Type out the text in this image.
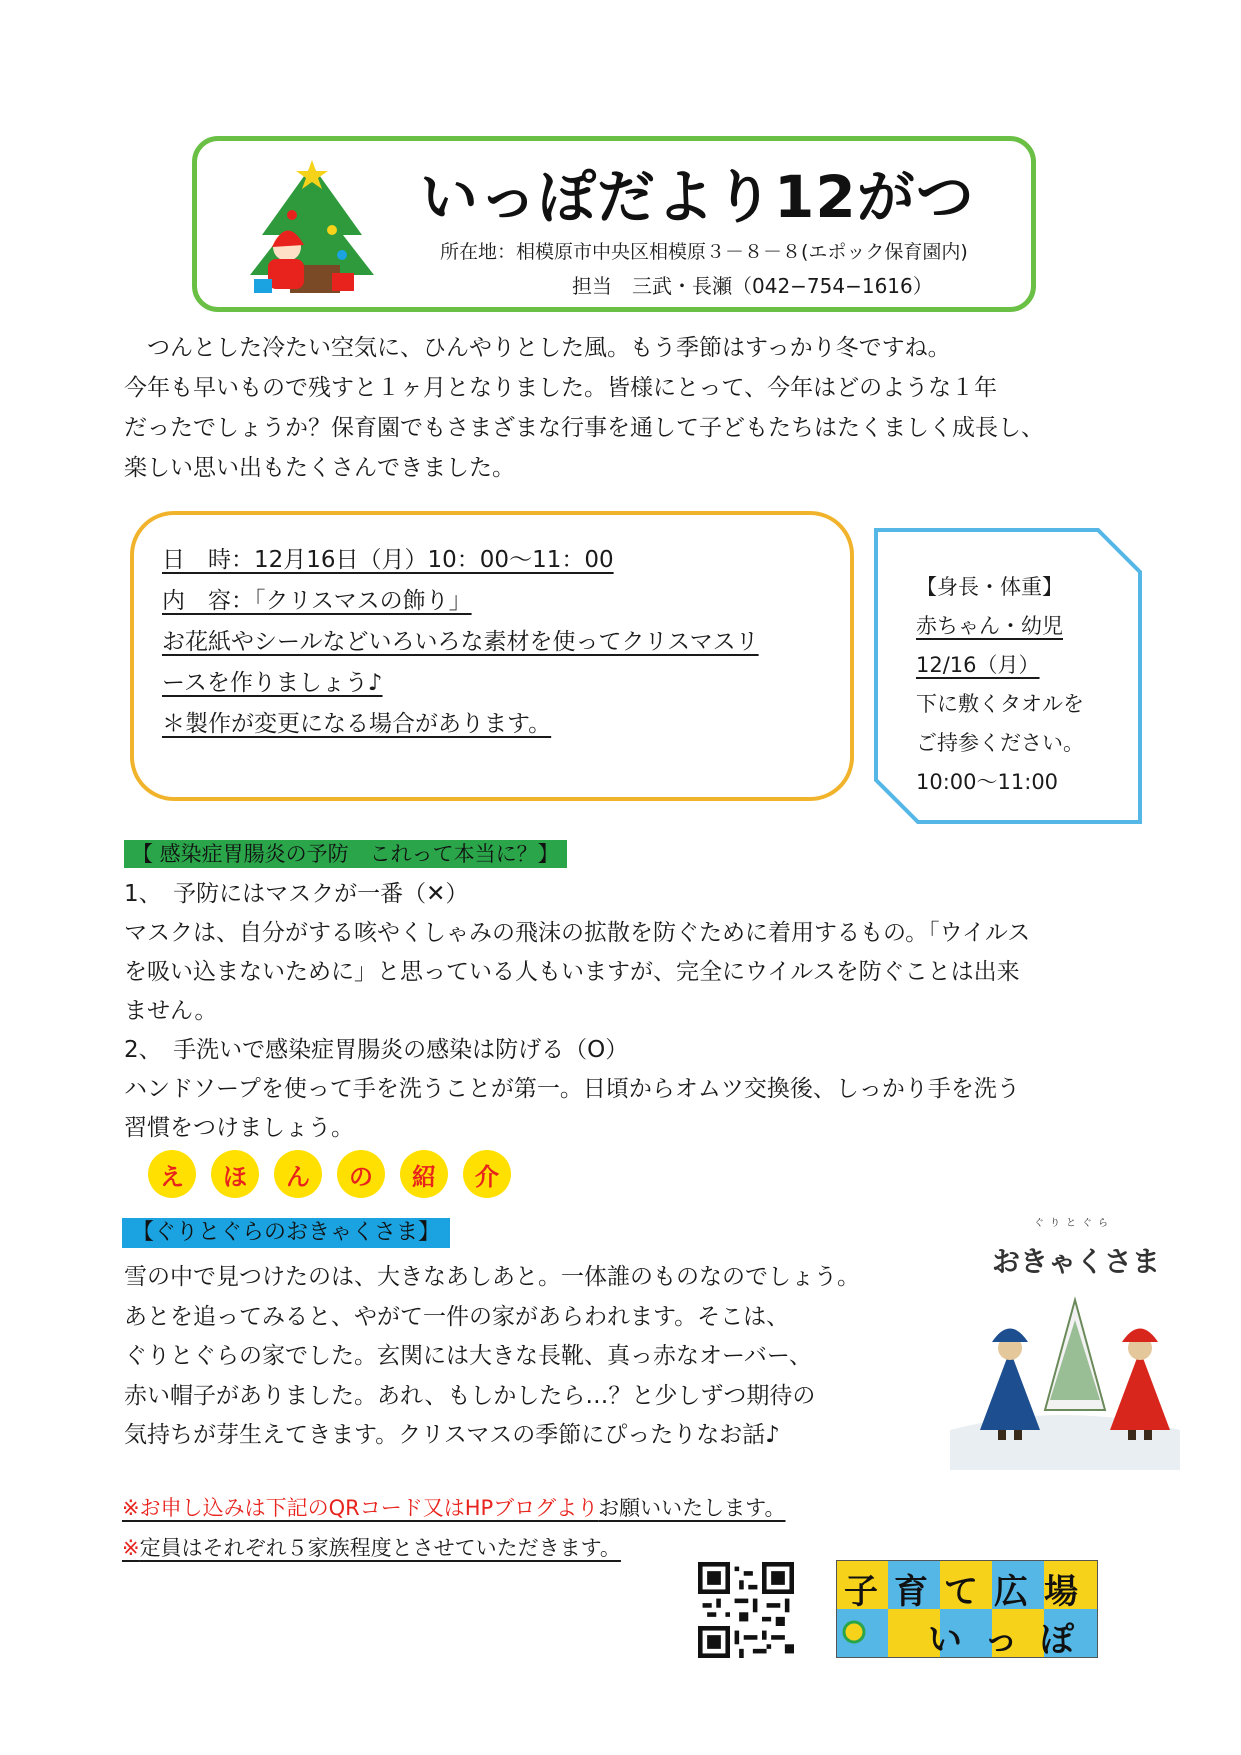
いっぽだより12がつ
所在地：相模原市中央区相模原３－８－８(エポック保育園内)
担当　三武・長瀬（042−754−1616）

　つんとした冷たい空気に、ひんやりとした風。もう季節はすっかり冬ですね。

今年も早いもので残すと１ヶ月となりました。皆様にとって、今年はどのような１年

だったでしょうか？保育園でもさまざまな行事を通して子どもたちはたくましく成長し、

楽しい思い出もたくさんできました。

日　時：12月16日（月）10：00～11：00
内　容：「クリスマスの飾り」
お花紙やシールなどいろいろな素材を使ってクリスマスリ
ースを作りましょう♪
＊製作が変更になる場合があります。
【身長・体重】
赤ちゃん・幼児
12/16（月）
下に敷くタオルを
ご持参ください。
10:00～11:00
【 感染症胃腸炎の予防　これって本当に？】
1、　予防にはマスクが一番（✕）
マスクは、自分がする咳やくしゃみの飛沫の拡散を防ぐために着用するもの。「ウイルス
を吸い込まないために」と思っている人もいますが、完全にウイルスを防ぐことは出来
ません。
2、　手洗いで感染症胃腸炎の感染は防げる（O）
ハンドソープを使って手を洗うことが第一。日頃からオムツ交換後、しっかり手を洗う
習慣をつけましょう。
え	ほ	ん	の	紹	介
【ぐりとぐらのおきゃくさま】
雪の中で見つけたのは、大きなあしあと。一体誰のものなのでしょう。
あとを追ってみると、やがて一件の家があらわれます。そこは、
ぐりとぐらの家でした。玄関には大きな長靴、真っ赤なオーバー、
赤い帽子がありました。あれ、もしかしたら…？と少しずつ期待の
気持ちが芽生えてきます。クリスマスの季節にぴったりなお話♪
ぐりとぐら
おきゃくさま
※お申し込みは下記のQRコード又はHPブログよりお願いいたします。
※定員はそれぞれ５家族程度とさせていただきます。
子 育 て 広 場
い っ ぽ
